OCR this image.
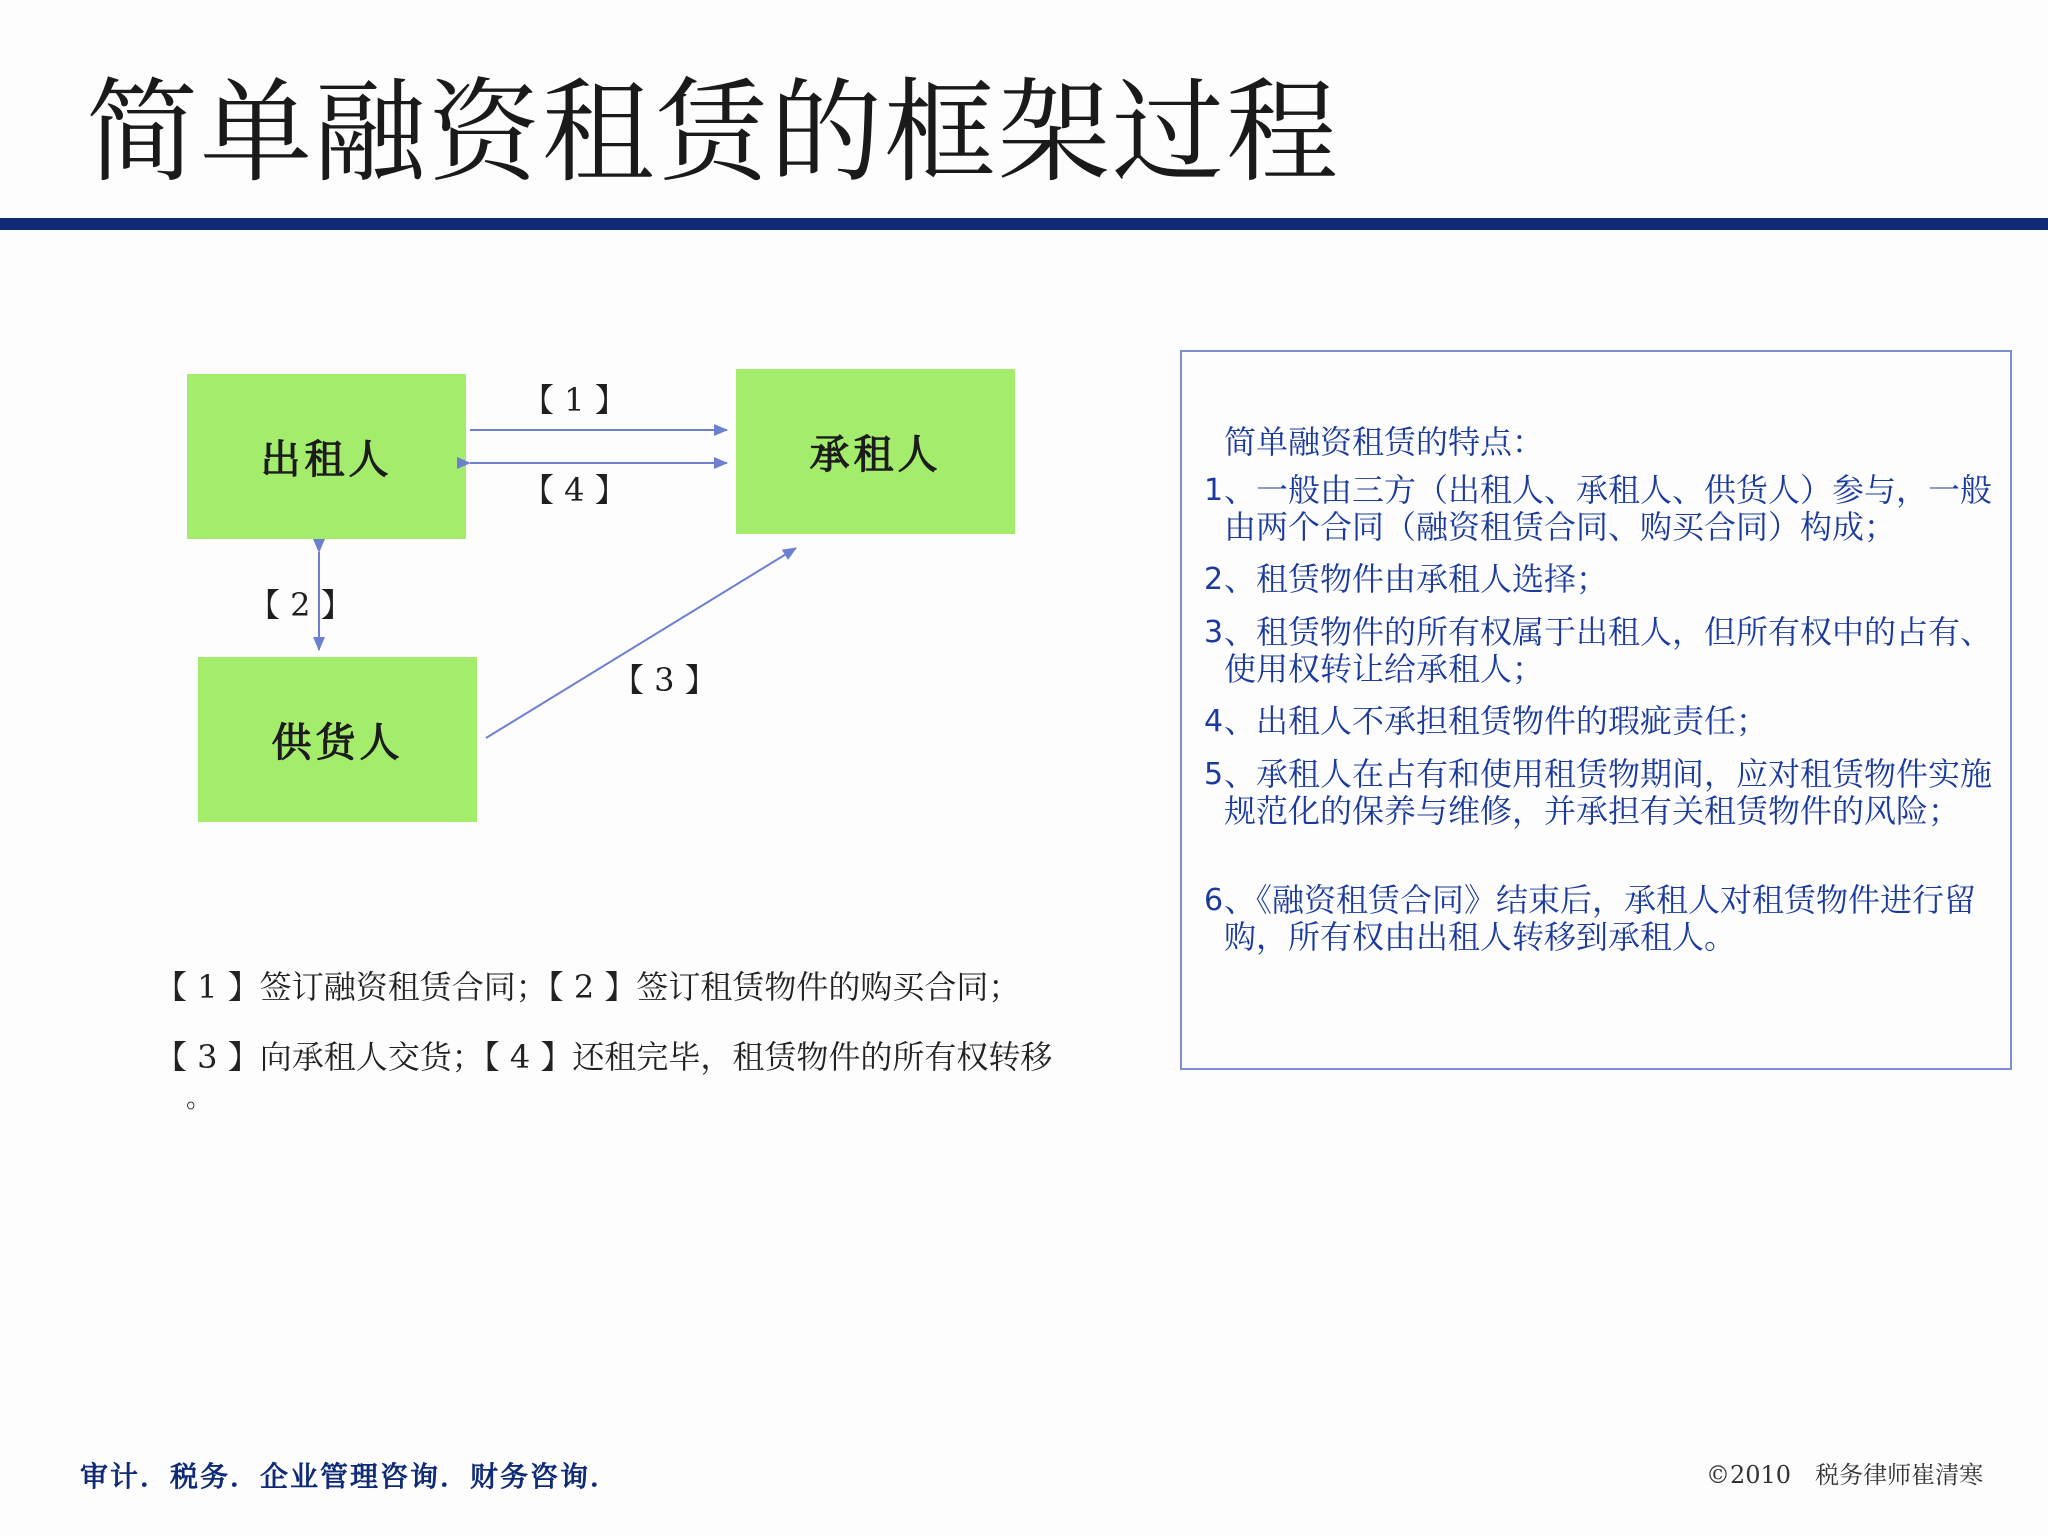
简单融资租赁的框架过程
出租人	承租人
供货人
【 1 】
【 4 】
【 2 】
【 3 】
【 1 】签订融资租赁合同；【 2 】签订租赁物件的购买合同；
【 3 】向承租人交货；【 4 】还租完毕，租赁物件的所有权转移
。
简单融资租赁的特点：
1 、一般由三方（出租人、承租人、供货人）参与，一般由两个合同（融资租赁合同、购买合同）构成；
2 、租赁物件由承租人选择；
3 、租赁物件的所有权属于出租人，但所有权中的占有、使用权转让给承租人；
4 、出租人不承担租赁物件的瑕疵责任；
5 、承租人在占有和使用租赁物期间，应对租赁物件实施规范化的保养与维修，并承担有关租赁物件的风险；
6 、《融资租赁合同》结束后，承租人对租赁物件进行留购，所有权由出租人转移到承租人。
审计．税务．企业管理咨询．财务咨询．	©2010　税务律师崔清寒
